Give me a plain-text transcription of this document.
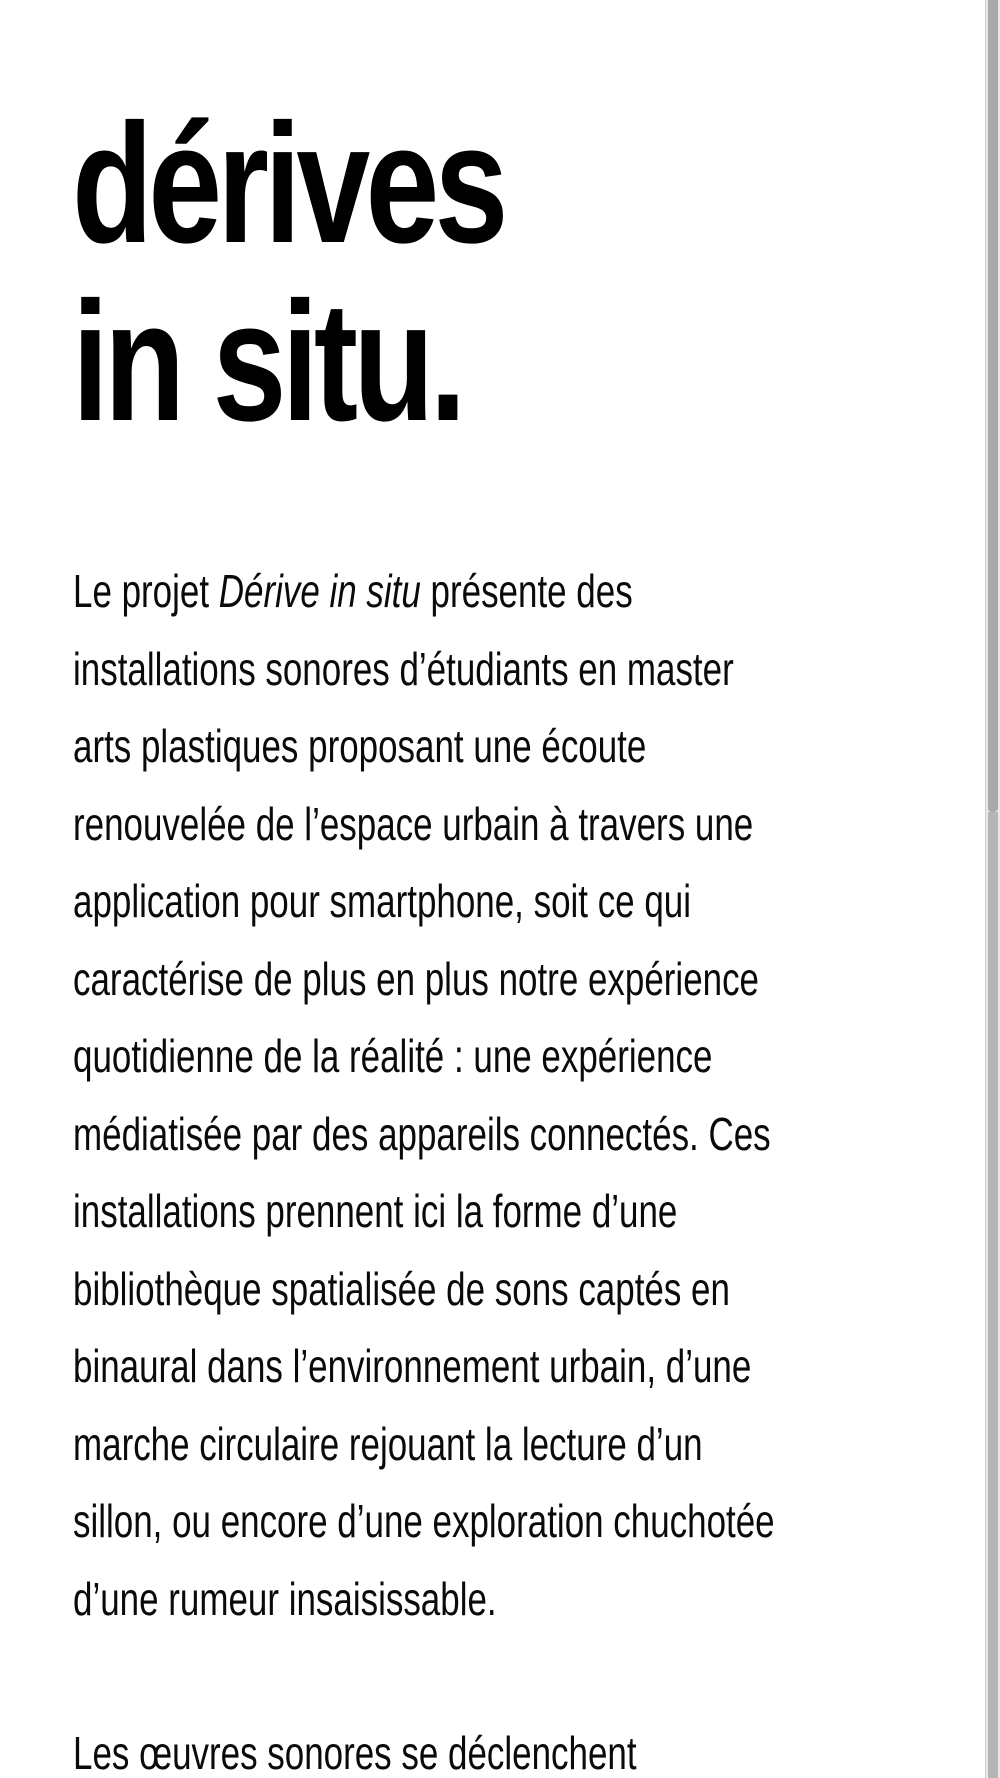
dérives
in situ.

Le projet Dérive in situ présente des
installations sonores d’étudiants en master
arts plastiques proposant une écoute
renouvelée de l’espace urbain à travers une
application pour smartphone, soit ce qui
caractérise de plus en plus notre expérience
quotidienne de la réalité : une expérience
médiatisée par des appareils connectés. Ces
installations prennent ici la forme d’une
bibliothèque spatialisée de sons captés en
binaural dans l’environnement urbain, d’une
marche circulaire rejouant la lecture d’un
sillon, ou encore d’une exploration chuchotée
d’une rumeur insaisissable.

Les œuvres sonores se déclenchent
